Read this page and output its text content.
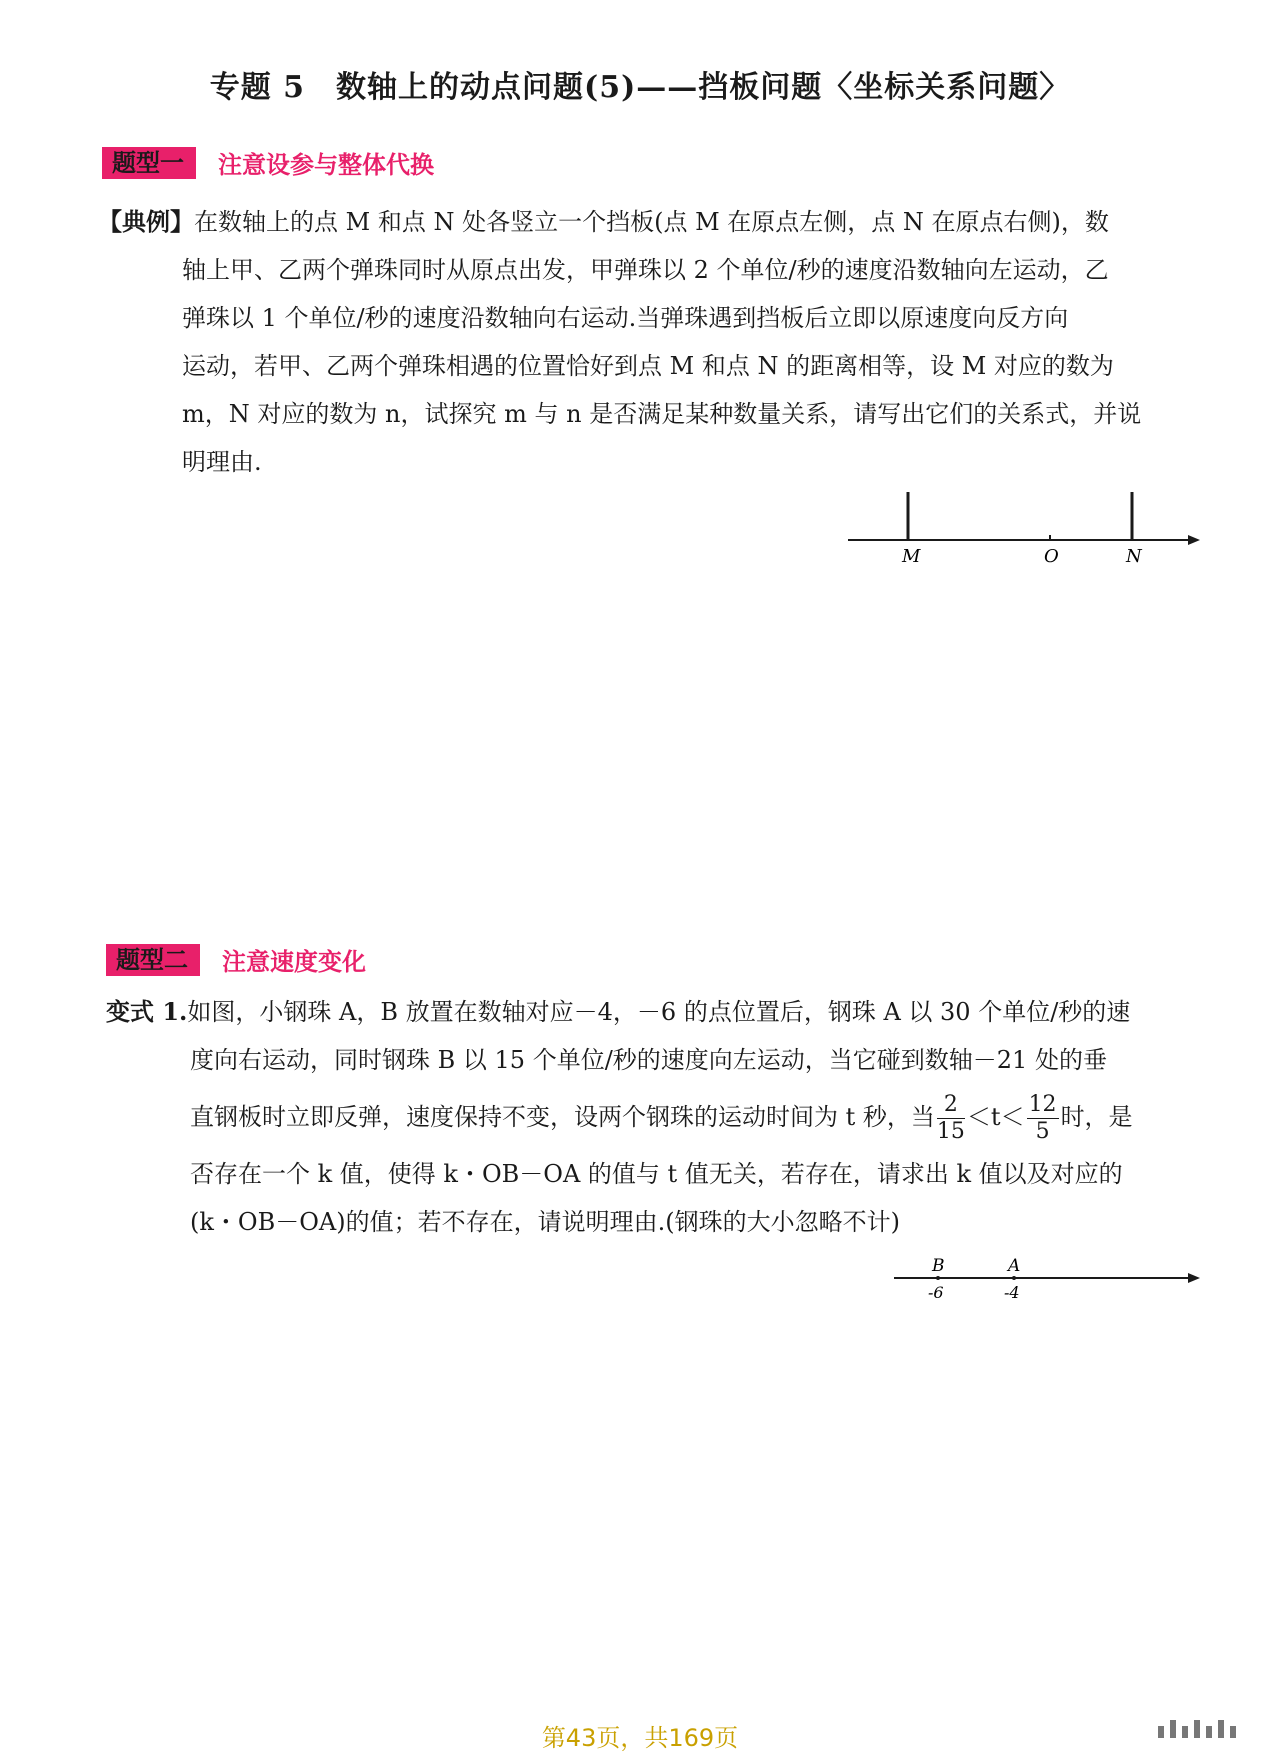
专题 5　数轴上的动点问题(5)——挡板问题〈坐标关系问题〉
题型一	注意设参与整体代换
【典例】在数轴上的点 M 和点 N 处各竖立一个挡板(点 M 在原点左侧，点 N 在原点右侧)，数
轴上甲、乙两个弹珠同时从原点出发，甲弹珠以 2 个单位/秒的速度沿数轴向左运动，乙
弹珠以 1 个单位/秒的速度沿数轴向右运动.当弹珠遇到挡板后立即以原速度向反方向
运动，若甲、乙两个弹珠相遇的位置恰好到点 M 和点 N 的距离相等，设 M 对应的数为
m，N 对应的数为 n，试探究 m 与 n 是否满足某种数量关系，请写出它们的关系式，并说
明理由.
M	O	N
题型二	注意速度变化
变式 1.如图，小钢珠 A，B 放置在数轴对应－4，－6 的点位置后，钢珠 A 以 30 个单位/秒的速
度向右运动，同时钢珠 B 以 15 个单位/秒的速度向左运动，当它碰到数轴－21 处的垂
直钢板时立即反弹，速度保持不变，设两个钢珠的运动时间为 t 秒，当 $\frac{2}{15} <t< \frac{12}{5}$ 时，是
否存在一个 k 值，使得 k・OB－OA 的值与 t 值无关，若存在，请求出 k 值以及对应的
(k・OB－OA)的值；若不存在，请说明理由.(钢珠的大小忽略不计)
B	A
-6	-4
第43页，共169页
